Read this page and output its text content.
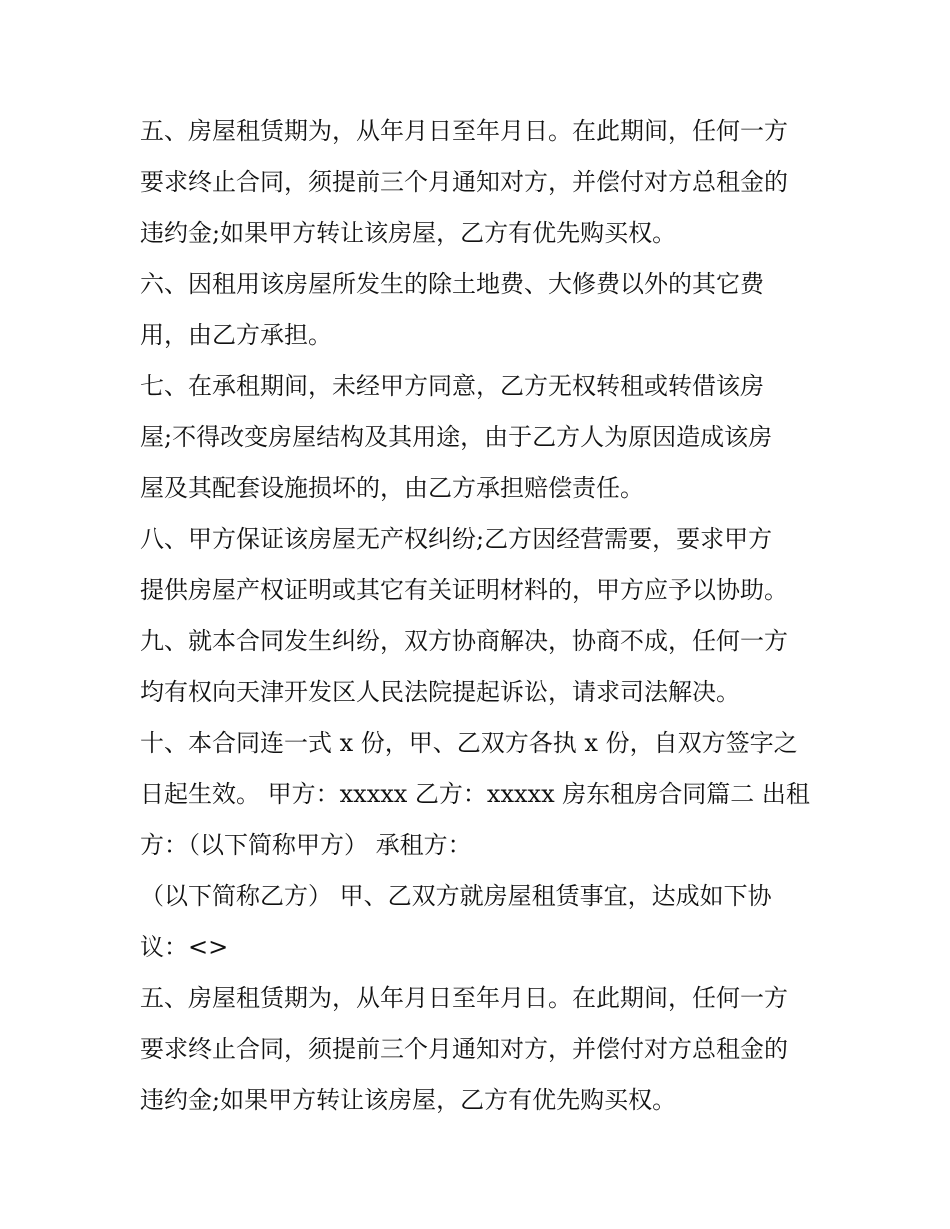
五、房屋租赁期为，从年月日至年月日。在此期间，任何一方
要求终止合同，须提前三个月通知对方，并偿付对方总租金的
违约金;如果甲方转让该房屋，乙方有优先购买权。
六、因租用该房屋所发生的除土地费、大修费以外的其它费
用，由乙方承担。
七、在承租期间，未经甲方同意，乙方无权转租或转借该房
屋;不得改变房屋结构及其用途，由于乙方人为原因造成该房
屋及其配套设施损坏的，由乙方承担赔偿责任。
八、甲方保证该房屋无产权纠纷;乙方因经营需要，要求甲方
提供房屋产权证明或其它有关证明材料的，甲方应予以协助。
九、就本合同发生纠纷，双方协商解决，协商不成，任何一方
均有权向天津开发区人民法院提起诉讼，请求司法解决。
十、本合同连一式 x 份，甲、乙双方各执 x 份，自双方签字之
日起生效。 甲方：xxxxx 乙方：xxxxx 房东租房合同篇二 出租
方：（以下简称甲方） 承租方：
（以下简称乙方） 甲、乙双方就房屋租赁事宜，达成如下协
议：<>
五、房屋租赁期为，从年月日至年月日。在此期间，任何一方
要求终止合同，须提前三个月通知对方，并偿付对方总租金的
违约金;如果甲方转让该房屋，乙方有优先购买权。
